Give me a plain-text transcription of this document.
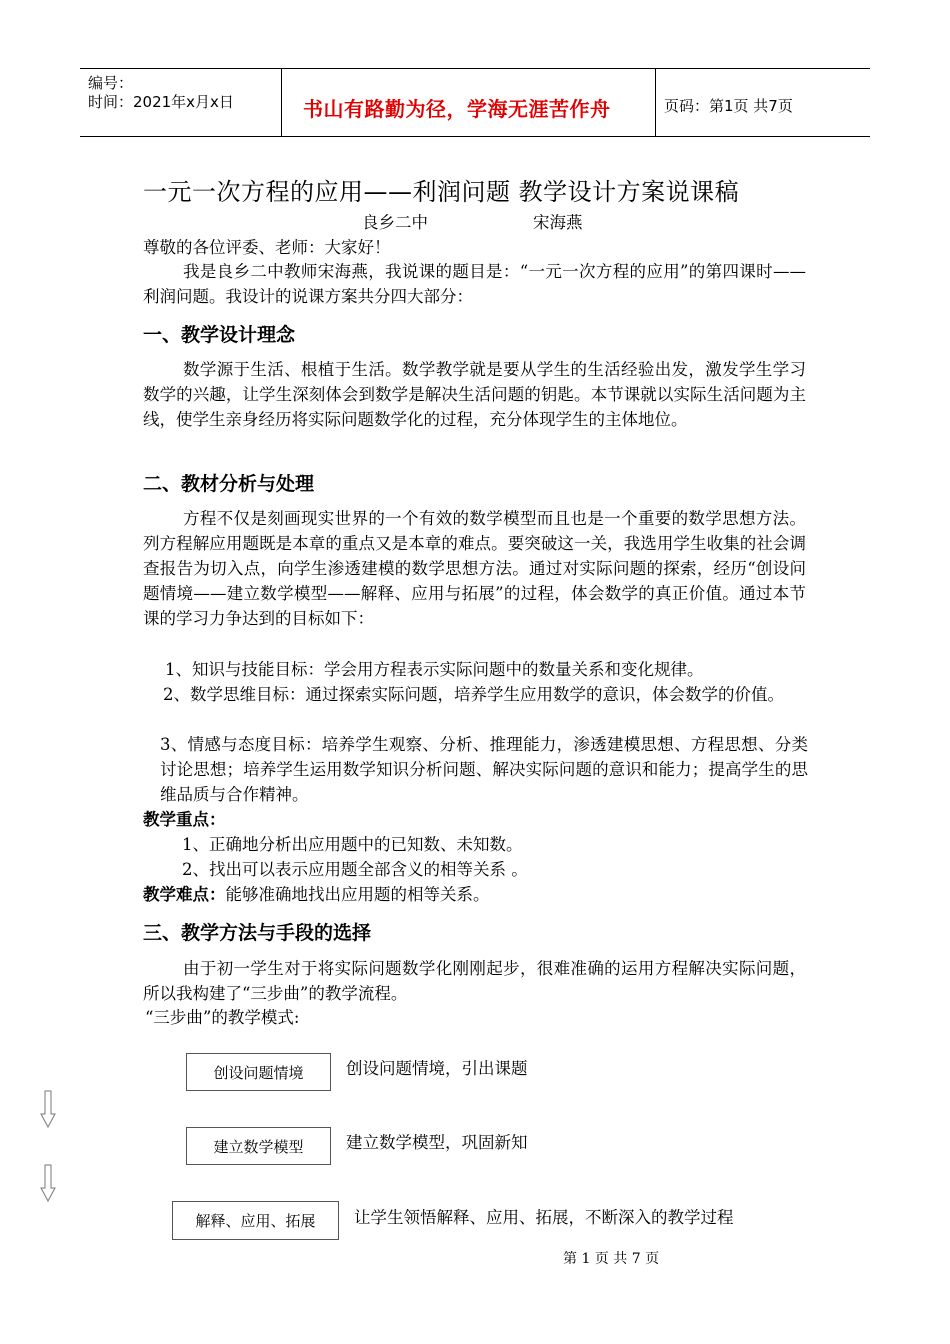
编号：
时间：2021年x月x日	书山有路勤为径，学海无涯苦作舟	页码：第1页 共7页
一元一次方程的应用——利润问题 教学设计方案说课稿
良乡二中	宋海燕
尊敬的各位评委、老师：大家好！
我是良乡二中教师宋海燕，我说课的题目是：“一元一次方程的应用”的第四课时——利润问题。我设计的说课方案共分四大部分：
一、教学设计理念
数学源于生活、根植于生活。数学教学就是要从学生的生活经验出发，激发学生学习数学的兴趣，让学生深刻体会到数学是解决生活问题的钥匙。本节课就以实际生活问题为主线，使学生亲身经历将实际问题数学化的过程，充分体现学生的主体地位。
二、教材分析与处理
方程不仅是刻画现实世界的一个有效的数学模型而且也是一个重要的数学思想方法。列方程解应用题既是本章的重点又是本章的难点。要突破这一关，我选用学生收集的社会调查报告为切入点，向学生渗透建模的数学思想方法。通过对实际问题的探索，经历“创设问题情境——建立数学模型——解释、应用与拓展”的过程，体会数学的真正价值。通过本节课的学习力争达到的目标如下：
1、知识与技能目标：学会用方程表示实际问题中的数量关系和变化规律。
2、数学思维目标：通过探索实际问题，培养学生应用数学的意识，体会数学的价值。
3、情感与态度目标：培养学生观察、分析、推理能力，渗透建模思想、方程思想、分类讨论思想；培养学生运用数学知识分析问题、解决实际问题的意识和能力；提高学生的思维品质与合作精神。
教学重点：
1、正确地分析出应用题中的已知数、未知数。
2、找出可以表示应用题全部含义的相等关系 。
教学难点：能够准确地找出应用题的相等关系。
三、教学方法与手段的选择
由于初一学生对于将实际问题数学化刚刚起步，很难准确的运用方程解决实际问题，所以我构建了“三步曲”的教学流程。
“三步曲”的教学模式:
创设问题情境	创设问题情境，引出课题
建立数学模型	建立数学模型，巩固新知
解释、应用、拓展 让学生领悟解释、应用、拓展，不断深入的教学过程
第 1 页 共 7 页
